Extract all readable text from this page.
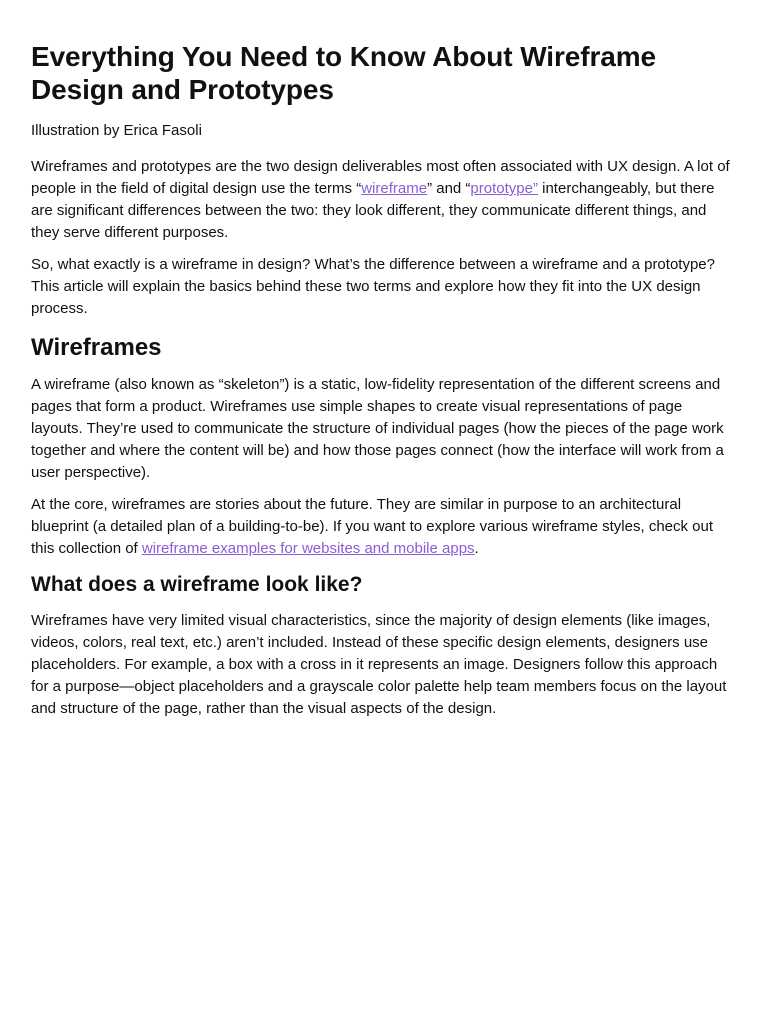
Everything You Need to Know About Wireframe Design and Prototypes

Illustration by Erica Fasoli

Wireframes and prototypes are the two design deliverables most often associated with UX design. A lot of people in the field of digital design use the terms “wireframe” and “prototype” interchangeably, but there are significant differences between the two: they look different, they communicate different things, and they serve different purposes.

So, what exactly is a wireframe in design? What’s the difference between a wireframe and a prototype? This article will explain the basics behind these two terms and explore how they fit into the UX design process.

Wireframes

A wireframe (also known as “skeleton”) is a static, low-fidelity representation of the different screens and pages that form a product. Wireframes use simple shapes to create visual representations of page layouts. They’re used to communicate the structure of individual pages (how the pieces of the page work together and where the content will be) and how those pages connect (how the interface will work from a user perspective).

At the core, wireframes are stories about the future. They are similar in purpose to an architectural blueprint (a detailed plan of a building-to-be). If you want to explore various wireframe styles, check out this collection of wireframe examples for websites and mobile apps.

What does a wireframe look like?

Wireframes have very limited visual characteristics, since the majority of design elements (like images, videos, colors, real text, etc.) aren’t included. Instead of these specific design elements, designers use placeholders. For example, a box with a cross in it represents an image. Designers follow this approach for a purpose—object placeholders and a grayscale color palette help team members focus on the layout and structure of the page, rather than the visual aspects of the design.
